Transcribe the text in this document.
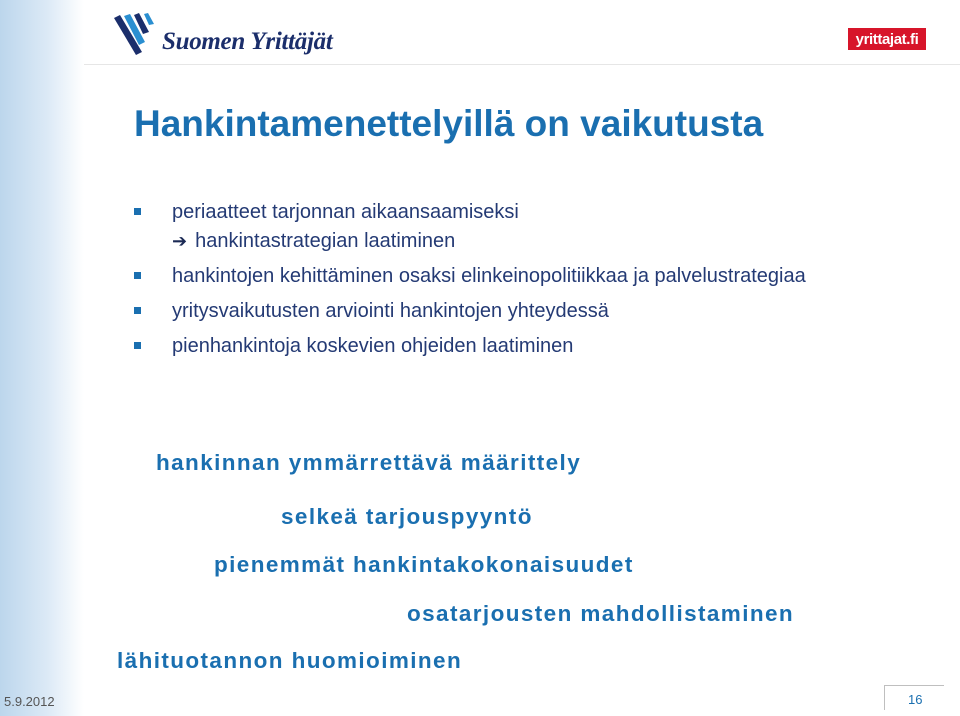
Suomen Yrittäjät	yrittajat.fi
Hankintamenettelyillä on vaikutusta
periaatteet tarjonnan aikaansaamiseksi
➔ hankintastrategian laatiminen
hankintojen kehittäminen osaksi elinkeinopolitiikkaa ja palvelustrategiaa
yritysvaikutusten arviointi hankintojen yhteydessä
pienhankintoja koskevien ohjeiden laatiminen
hankinnan ymmärrettävä määrittely
selkeä tarjouspyyntö
pienemmät hankintakokonaisuudet
osatarjousten mahdollistaminen
lähituotannon huomioiminen
5.9.2012	16
